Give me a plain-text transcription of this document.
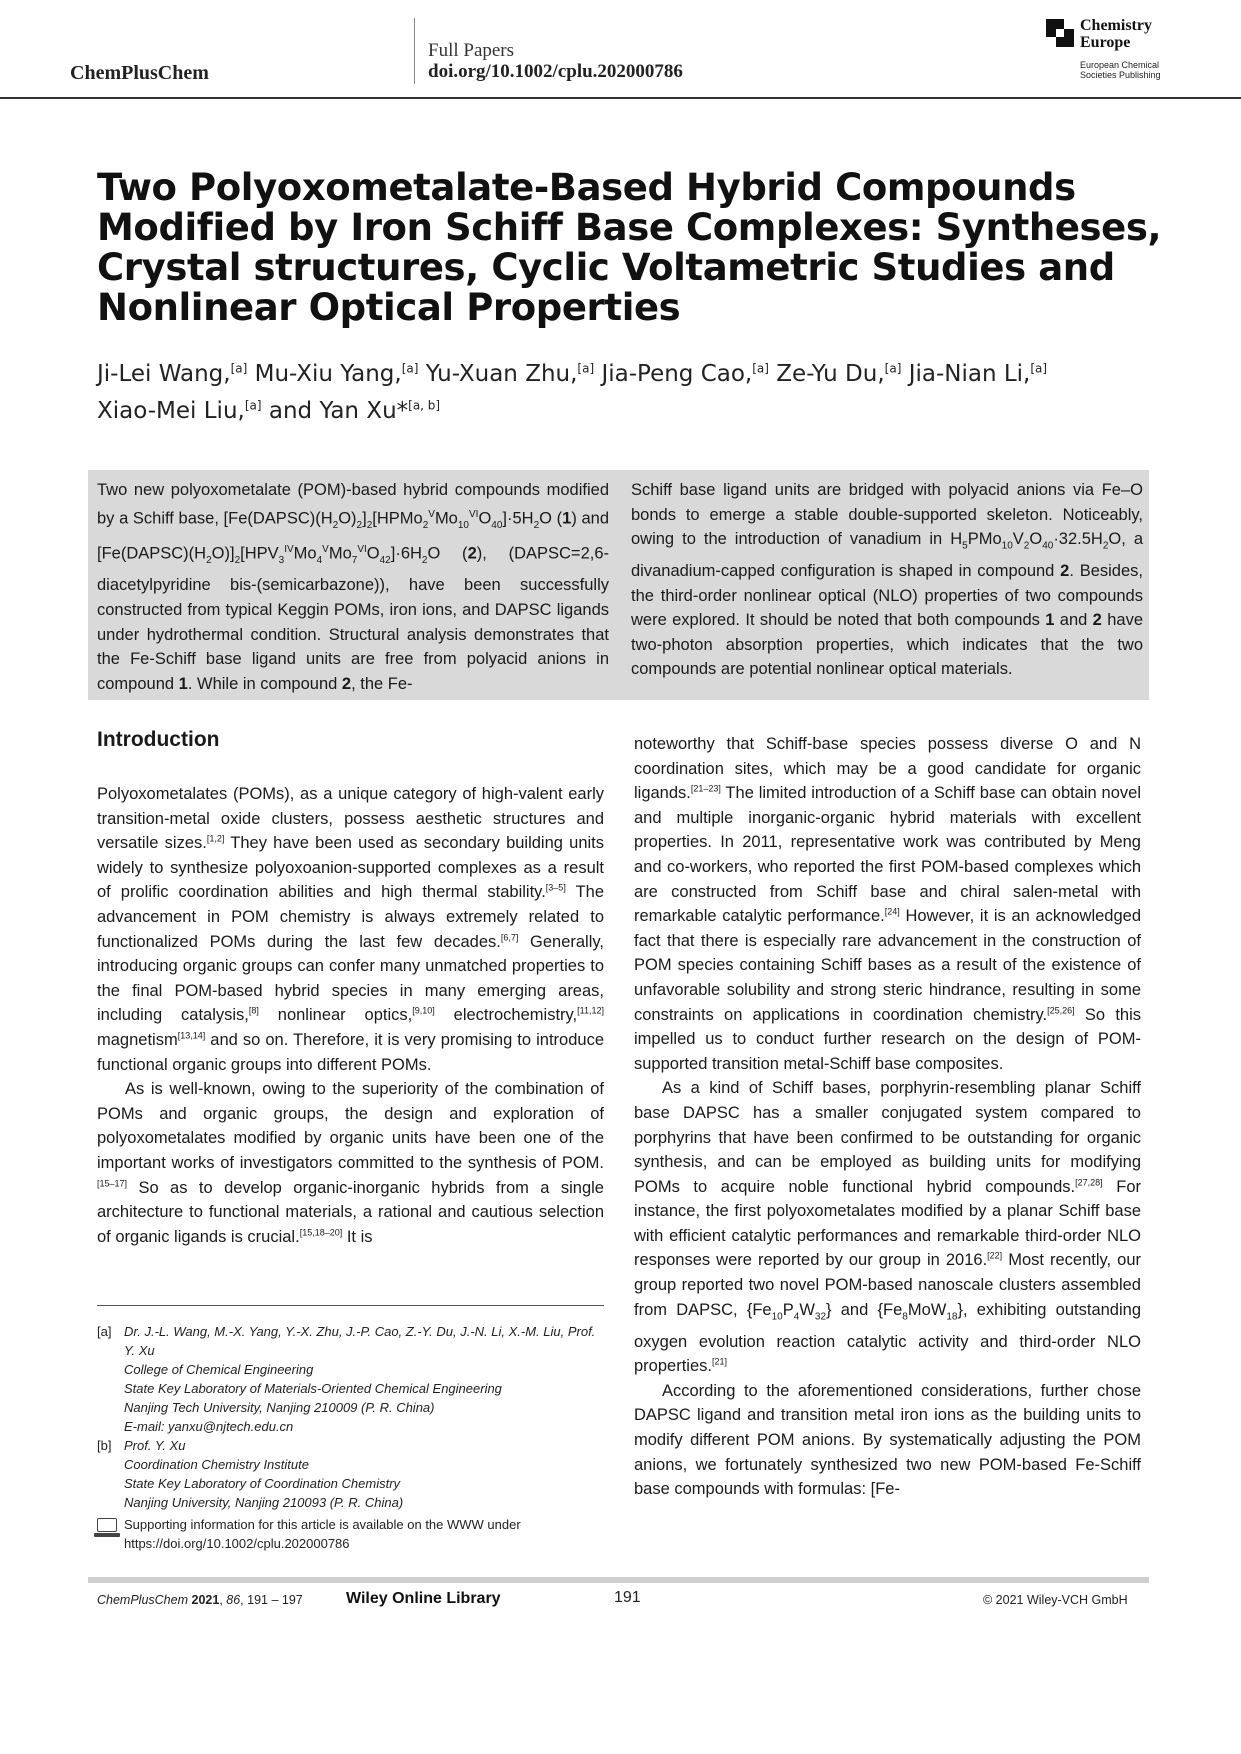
ChemPlusChem
Full Papers
doi.org/10.1002/cplu.202000786
Chemistry Europe
European Chemical Societies Publishing
Two Polyoxometalate-Based Hybrid Compounds Modified by Iron Schiff Base Complexes: Syntheses, Crystal structures, Cyclic Voltametric Studies and Nonlinear Optical Properties
Ji-Lei Wang,[a] Mu-Xiu Yang,[a] Yu-Xuan Zhu,[a] Jia-Peng Cao,[a] Ze-Yu Du,[a] Jia-Nian Li,[a]
Xiao-Mei Liu,[a] and Yan Xu*[a, b]
Two new polyoxometalate (POM)-based hybrid compounds modified by a Schiff base, $[Fe(DAPSC)(H_2O)_2]_2[HPMo_2^VMo_{10}^{VI}O_{40}]\cdot 5H_2O$ (1) and $[Fe(DAPSC)(H_2O)]_2[HPV_3^{IV}Mo_4^VMo_7^{VI}O_{42}]\cdot 6H_2O$ (2), (DAPSC=2,6-diacetylpyridine bis-(semicarbazone)), have been successfully constructed from typical Keggin POMs, iron ions, and DAPSC ligands under hydrothermal condition. Structural analysis demonstrates that the Fe-Schiff base ligand units are free from polyacid anions in compound 1. While in compound 2, the Fe-
Schiff base ligand units are bridged with polyacid anions via Fe–O bonds to emerge a stable double-supported skeleton. Noticeably, owing to the introduction of vanadium in $H_5PMo_{10}V_2O_{40}\cdot 32.5H_2O$, a divanadium-capped configuration is shaped in compound 2. Besides, the third-order nonlinear optical (NLO) properties of two compounds were explored. It should be noted that both compounds 1 and 2 have two-photon absorption properties, which indicates that the two compounds are potential nonlinear optical materials.
Introduction

Polyoxometalates (POMs), as a unique category of high-valent early transition-metal oxide clusters, possess aesthetic structures and versatile sizes.[1,2] They have been used as secondary building units widely to synthesize polyoxoanion-supported complexes as a result of prolific coordination abilities and high thermal stability.[3–5] The advancement in POM chemistry is always extremely related to functionalized POMs during the last few decades.[6,7] Generally, introducing organic groups can confer many unmatched properties to the final POM-based hybrid species in many emerging areas, including catalysis,[8] nonlinear optics,[9,10] electrochemistry,[11,12] magnetism[13,14] and so on. Therefore, it is very promising to introduce functional organic groups into different POMs.

As is well-known, owing to the superiority of the combination of POMs and organic groups, the design and exploration of polyoxometalates modified by organic units have been one of the important works of investigators committed to the synthesis of POM.[15–17] So as to develop organic-inorganic hybrids from a single architecture to functional materials, a rational and cautious selection of organic ligands is crucial.[15,18–20] It is

[a] Dr. J.-L. Wang, M.-X. Yang, Y.-X. Zhu, J.-P. Cao, Z.-Y. Du, J.-N. Li, X.-M. Liu, Prof. Y. Xu
College of Chemical Engineering
State Key Laboratory of Materials-Oriented Chemical Engineering
Nanjing Tech University, Nanjing 210009 (P. R. China)
E-mail: yanxu@njtech.edu.cn
[b] Prof. Y. Xu
Coordination Chemistry Institute
State Key Laboratory of Coordination Chemistry
Nanjing University, Nanjing 210093 (P. R. China)
Supporting information for this article is available on the WWW under https://doi.org/10.1002/cplu.202000786

noteworthy that Schiff-base species possess diverse O and N coordination sites, which may be a good candidate for organic ligands.[21–23] The limited introduction of a Schiff base can obtain novel and multiple inorganic-organic hybrid materials with excellent properties. In 2011, representative work was contributed by Meng and co-workers, who reported the first POM-based complexes which are constructed from Schiff base and chiral salen-metal with remarkable catalytic performance.[24] However, it is an acknowledged fact that there is especially rare advancement in the construction of POM species containing Schiff bases as a result of the existence of unfavorable solubility and strong steric hindrance, resulting in some constraints on applications in coordination chemistry.[25,26] So this impelled us to conduct further research on the design of POM-supported transition metal-Schiff base composites.

As a kind of Schiff bases, porphyrin-resembling planar Schiff base DAPSC has a smaller conjugated system compared to porphyrins that have been confirmed to be outstanding for organic synthesis, and can be employed as building units for modifying POMs to acquire noble functional hybrid compounds.[27,28] For instance, the first polyoxometalates modified by a planar Schiff base with efficient catalytic performances and remarkable third-order NLO responses were reported by our group in 2016.[22] Most recently, our group reported two novel POM-based nanoscale clusters assembled from DAPSC, $\{Fe_{10}P_4W_{32}\}$ and $\{Fe_8MoW_{18}\}$, exhibiting outstanding oxygen evolution reaction catalytic activity and third-order NLO properties.[21]

According to the aforementioned considerations, further chose DAPSC ligand and transition metal iron ions as the building units to modify different POM anions. By systematically adjusting the POM anions, we fortunately synthesized two new POM-based Fe-Schiff base compounds with formulas: [Fe-

ChemPlusChem 2021, 86, 191 – 197	Wiley Online Library	191	© 2021 Wiley-VCH GmbH
